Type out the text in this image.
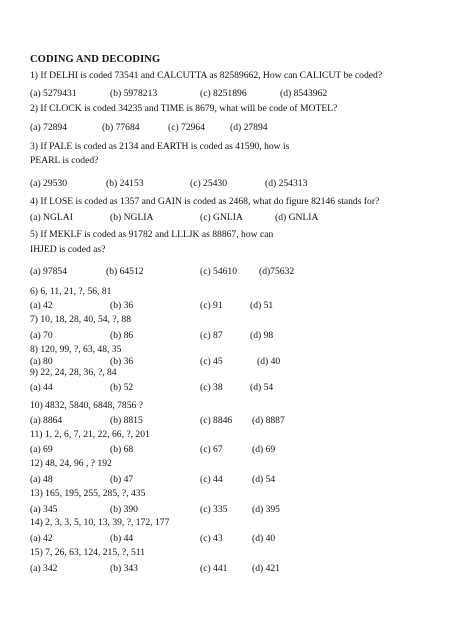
CODING AND DECODING
1) If DELHI is coded 73541 and CALCUTTA as 82589662, How can CALICUT be coded?
(a) 5279431	(b) 5978213	(c) 8251896	(d) 8543962
2) If CLOCK is coded 34235 and TIME is 8679, what will be code of MOTEL?
(a) 72894	(b) 77684	(c) 72964	(d) 27894
3) If PALE is coded as 2134 and EARTH is coded as 41590, how is
PEARL is coded?
(a) 29530	(b) 24153	(c) 25430	(d) 254313
4) If LOSE is coded as 1357 and GAIN is coded as 2468, what do figure 82146 stands for?
(a) NGLAI	(b) NGLIA	(c) GNLIA	(d) GNLIA
5) If MEKLF is coded as 91782 and LLLJK as 88867, how can
IHJED is coded as?
(a) 97854	(b) 64512	(c) 54610 (d)75632
6) 6, 11, 21, ?, 56, 81
(a) 42	(b) 36	(c) 91	(d) 51
7) 10, 18, 28, 40, 54, ?, 88
(a) 70	(b) 86	(c) 87	(d) 98
8) 120, 99, ?, 63, 48, 35
(a) 80	(b) 36	(c) 45	(d) 40
9) 22, 24, 28, 36, ?, 84
(a) 44	(b) 52	(c) 38	(d) 54
10) 4832, 5840, 6848, 7856 ?
(a) 8864	(b) 8815	(c) 8846 (d) 8887
11) 1, 2, 6, 7, 21, 22, 66, ?, 201
(a) 69	(b) 68	(c) 67	(d) 69
12) 48, 24, 96 , ? 192
(a) 48	(b) 47	(c) 44	(d) 54
13) 165, 195, 255, 285, ?, 435
(a) 345	(b) 390	(c) 335	(d) 395
14) 2, 3, 3, 5, 10, 13, 39, ?, 172, 177
(a) 42	(b) 44	(c) 43	(d) 40
15) 7, 26, 63, 124, 215, ?, 511
(a) 342	(b) 343	(c) 441	(d) 421
